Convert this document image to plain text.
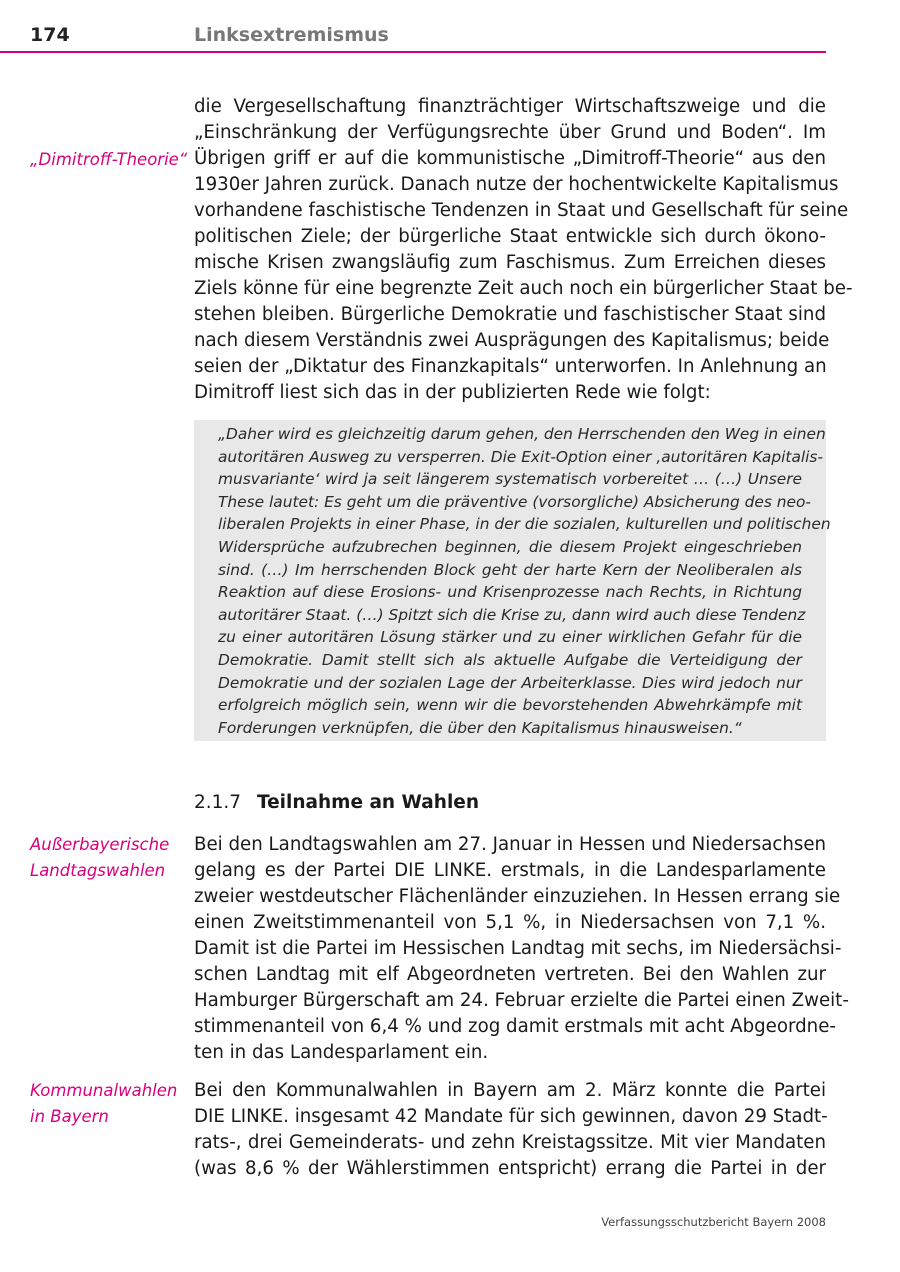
174	Linksextremismus
„Dimitroff-Theorie“
die Vergesellschaftung finanzträchtiger Wirtschaftszweige und die
„Einschränkung der Verfügungsrechte über Grund und Boden“. Im
Übrigen griff er auf die kommunistische „Dimitroff-Theorie“ aus den
1930er Jahren zurück. Danach nutze der hochentwickelte Kapitalismus
vorhandene faschistische Tendenzen in Staat und Gesellschaft für seine
politischen Ziele; der bürgerliche Staat entwickle sich durch ökono-
mische Krisen zwangsläufig zum Faschismus. Zum Erreichen dieses
Ziels könne für eine begrenzte Zeit auch noch ein bürgerlicher Staat be-
stehen bleiben. Bürgerliche Demokratie und faschistischer Staat sind
nach diesem Verständnis zwei Ausprägungen des Kapitalismus; beide
seien der „Diktatur des Finanzkapitals“ unterworfen. In Anlehnung an
Dimitroff liest sich das in der publizierten Rede wie folgt:
„Daher wird es gleichzeitig darum gehen, den Herrschenden den Weg in einen
autoritären Ausweg zu versperren. Die Exit-Option einer ‚autoritären Kapitalis-
musvariante‘ wird ja seit längerem systematisch vorbereitet … (…) Unsere
These lautet: Es geht um die präventive (vorsorgliche) Absicherung des neo-
liberalen Projekts in einer Phase, in der die sozialen, kulturellen und politischen
Widersprüche aufzubrechen beginnen, die diesem Projekt eingeschrieben
sind. (…) Im herrschenden Block geht der harte Kern der Neoliberalen als
Reaktion auf diese Erosions- und Krisenprozesse nach Rechts, in Richtung
autoritärer Staat. (…) Spitzt sich die Krise zu, dann wird auch diese Tendenz
zu einer autoritären Lösung stärker und zu einer wirklichen Gefahr für die
Demokratie. Damit stellt sich als aktuelle Aufgabe die Verteidigung der
Demokratie und der sozialen Lage der Arbeiterklasse. Dies wird jedoch nur
erfolgreich möglich sein, wenn wir die bevorstehenden Abwehrkämpfe mit
Forderungen verknüpfen, die über den Kapitalismus hinausweisen.“
2.1.7 Teilnahme an Wahlen
Außerbayerische
Landtagswahlen
Bei den Landtagswahlen am 27. Januar in Hessen und Niedersachsen
gelang es der Partei DIE LINKE. erstmals, in die Landesparlamente
zweier westdeutscher Flächenländer einzuziehen. In Hessen errang sie
einen Zweitstimmenanteil von 5,1 %, in Niedersachsen von 7,1 %.
Damit ist die Partei im Hessischen Landtag mit sechs, im Niedersächsi-
schen Landtag mit elf Abgeordneten vertreten. Bei den Wahlen zur
Hamburger Bürgerschaft am 24. Februar erzielte die Partei einen Zweit-
stimmenanteil von 6,4 % und zog damit erstmals mit acht Abgeordne-
ten in das Landesparlament ein.
Kommunalwahlen
in Bayern
Bei den Kommunalwahlen in Bayern am 2. März konnte die Partei
DIE LINKE. insgesamt 42 Mandate für sich gewinnen, davon 29 Stadt-
rats-, drei Gemeinderats- und zehn Kreistagssitze. Mit vier Mandaten
(was 8,6 % der Wählerstimmen entspricht) errang die Partei in der
Verfassungsschutzbericht Bayern 2008
